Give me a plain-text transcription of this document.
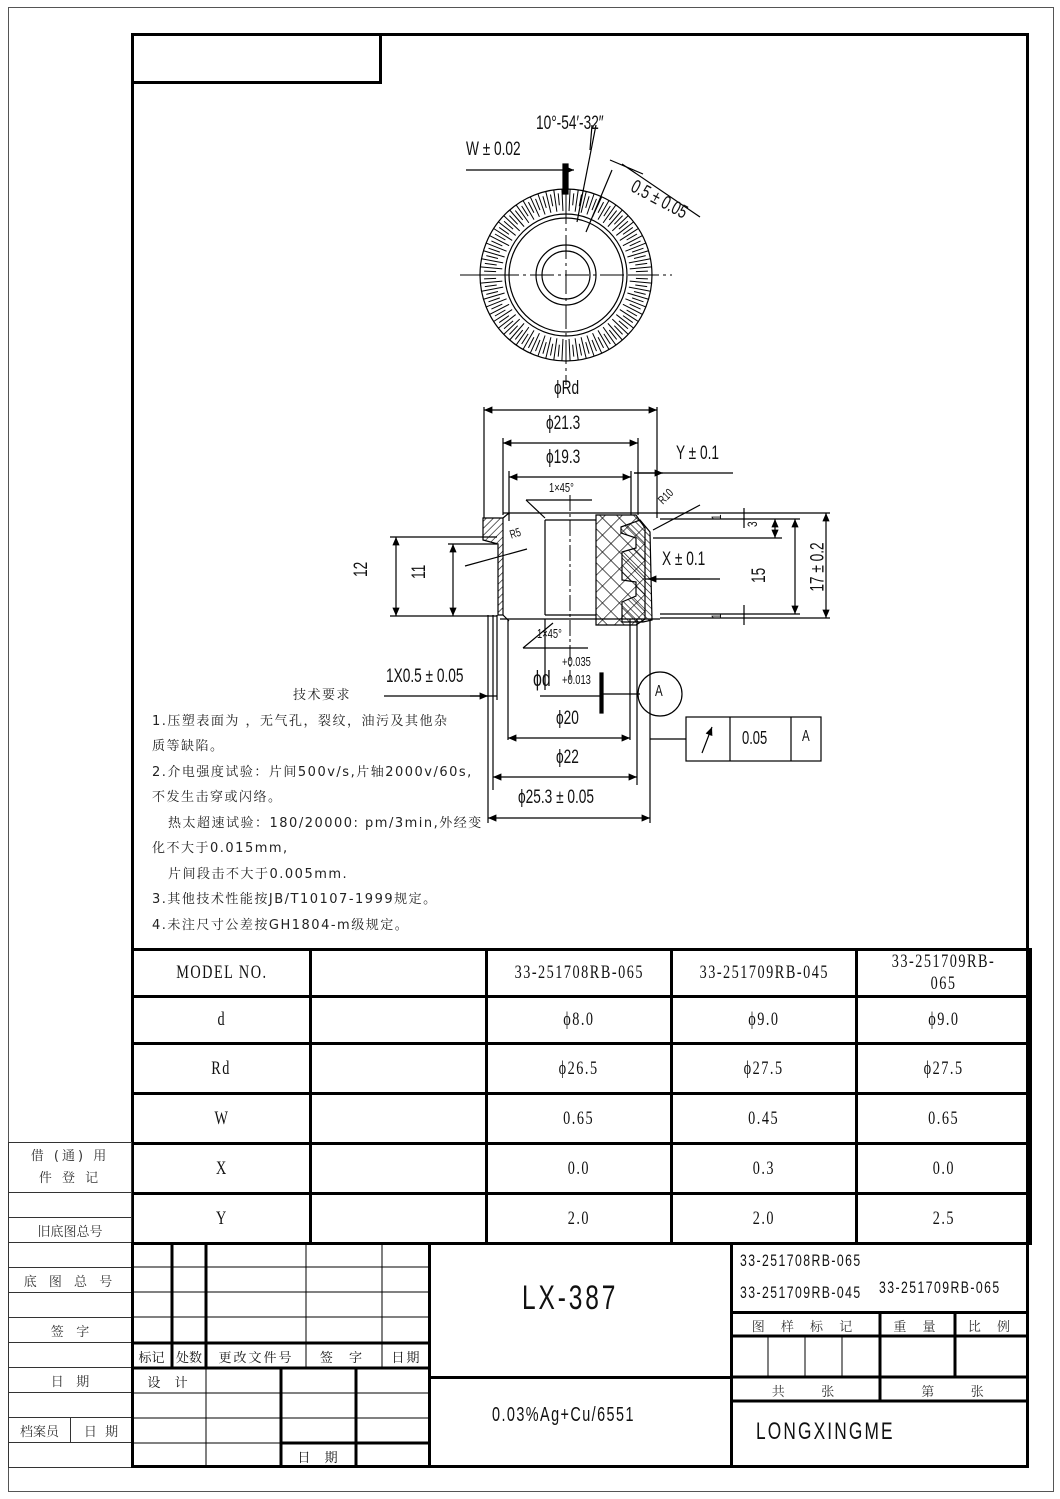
10°-54′-32″
W ± 0.02
0.5 ± 0.05
ϕRd
ϕ21.3
ϕ19.3
1×45°
Y ± 0.1
R10
R5
12 11
X ± 0.1
1
3
15 17 ± 0.2
1
1×45°
1X0.5 ± 0.05	ϕd
+0.035
+0.013
A
ϕ20
ϕ22
ϕ25.3 ± 0.05
0.05 A
技术要求
1.压塑表面为 ，无气孔，裂纹，油污及其他杂
质等缺陷。
2.介电强度试验：片间500v/s,片轴2000v/60s,
不发生击穿或闪络。
热太超速试验：180/20000: pm/3min,外经变
化不大于0.015mm,
片间段击不大于0.005mm.
3.其他技术性能按JB/T10107-1999规定。
4.未注尺寸公差按GH1804-m级规定。
MODEL NO.		33-251708RB-065	33-251709RB-045	33-251709RB-065
d		ϕ8.0	ϕ9.0	ϕ9.0
Rd		ϕ26.5	ϕ27.5	ϕ27.5
W		0.65	0.45	0.65
X		0.0	0.3	0.0
Y		2.0	2.0	2.5
借 (通) 用
件 登 记

旧底图总号

底 图 总 号

签   字

日   期

档案员	日  期

标记 处数	更改文件号	签 字	日期
设  计
日  期
LX-387
0.03%Ag+Cu/6551
33-251708RB-065
33-251709RB-045 33-251709RB-065
图 样 标 记	重 量	比 例
共    张	第    张
LONGXINGME
